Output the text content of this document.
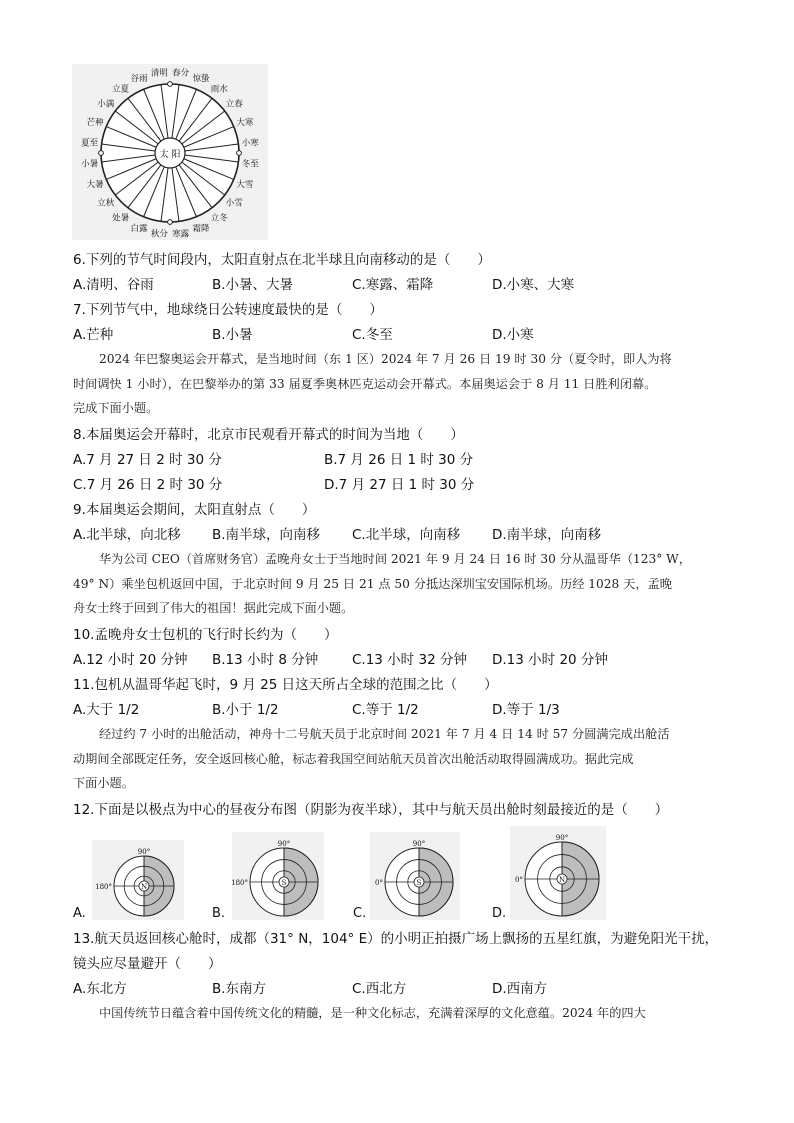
春分
惊蛰
雨水
立春
大寒
小寒
冬至
大雪
小雪
立冬
霜降
寒露
秋分
白露
处暑
立秋
大暑
小暑
夏至
芒种
小满
立夏
谷雨
清明
太 阳
6.下列的节气时间段内，太阳直射点在北半球且向南移动的是（　　）
A.清明、谷雨	B.小暑、大暑	C.寒露、霜降	D.小寒、大寒
7.下列节气中，地球绕日公转速度最快的是（　　）
A.芒种	B.小暑	C.冬至	D.小寒
2024 年巴黎奥运会开幕式，是当地时间（东 1 区）2024 年 7 月 26 日 19 时 30 分（夏令时，即人为将
时间调快 1 小时），在巴黎举办的第 33 届夏季奥林匹克运动会开幕式。本届奥运会于 8 月 11 日胜利闭幕。
完成下面小题。
8.本届奥运会开幕时，北京市民观看开幕式的时间为当地（　　）
A.7 月 27 日 2 时 30 分	B.7 月 26 日 1 时 30 分
C.7 月 26 日 2 时 30 分	D.7 月 27 日 1 时 30 分
9.本届奥运会期间，太阳直射点（　　）
A.北半球，向北移 B.南半球，向南移 C.北半球，向南移 D.南半球，向南移
华为公司 CEO（首席财务官）孟晚舟女士于当地时间 2021 年 9 月 24 日 16 时 30 分从温哥华（123° W，
49° N）乘坐包机返回中国，于北京时间 9 月 25 日 21 点 50 分抵达深圳宝安国际机场。历经 1028 天，孟晚
舟女士终于回到了伟大的祖国！据此完成下面小题。
10.孟晚舟女士包机的飞行时长约为（　　）
A.12 小时 20 分钟 B.13 小时 8 分钟	C.13 小时 32 分钟 D.13 小时 20 分钟
11.包机从温哥华起飞时，9 月 25 日这天所占全球的范围之比（　　）
A.大于 1/2	B.小于 1/2	C.等于 1/2	D.等于 1/3
经过约 7 小时的出舱活动，神舟十二号航天员于北京时间 2021 年 7 月 4 日 14 时 57 分圆满完成出舱活
动期间全部既定任务，安全返回核心舱，标志着我国空间站航天员首次出舱活动取得圆满成功。据此完成
下面小题。
12.下面是以极点为中心的昼夜分布图（阴影为夜半球），其中与航天员出舱时刻最接近的是（　　）
A.
N
90°
180°
B.
S
90°
180°
C.
S
90°
0°
D.
N
90°
0°
13.航天员返回核心舱时，成都（31° N，104° E）的小明正拍摄广场上飘扬的五星红旗，为避免阳光干扰，
镜头应尽量避开（　　）
A.东北方	B.东南方	C.西北方	D.西南方
中国传统节日蕴含着中国传统文化的精髓，是一种文化标志，充满着深厚的文化意蕴。2024 年的四大
